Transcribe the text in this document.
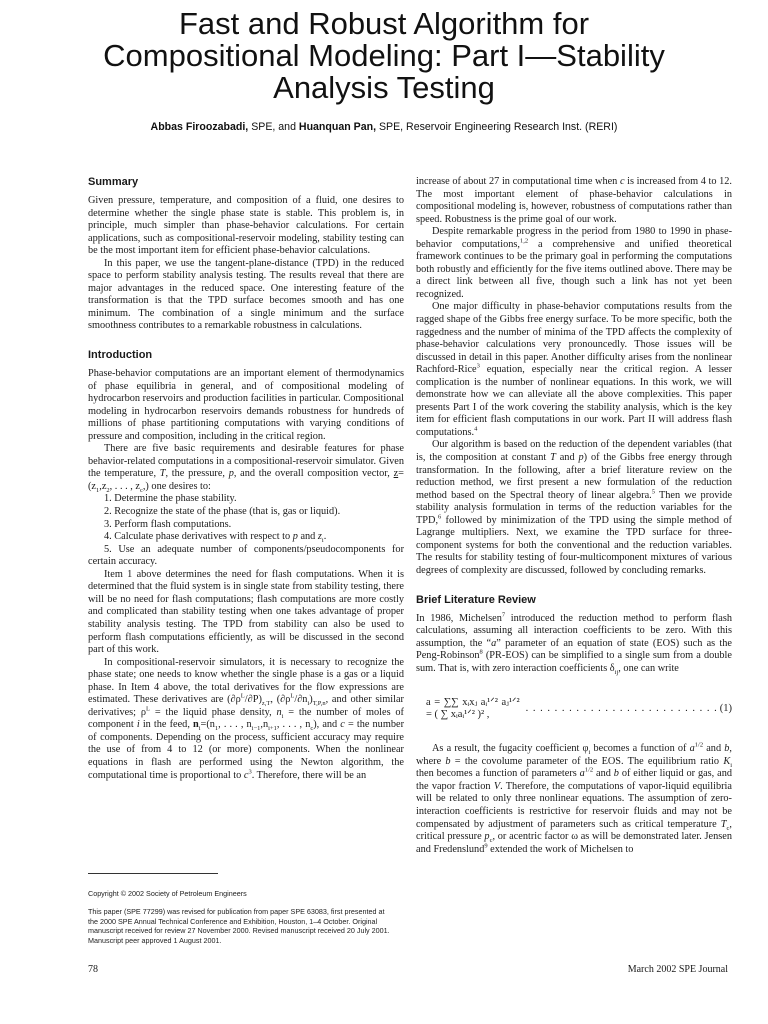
Fast and Robust Algorithm for
Compositional Modeling: Part I—Stability
Analysis Testing
Abbas Firoozabadi, SPE, and Huanquan Pan, SPE, Reservoir Engineering Research Inst. (RERI)
Summary

Given pressure, temperature, and composition of a fluid, one desires to determine whether the single phase state is stable. This problem is, in principle, much simpler than phase-behavior calculations. For certain applications, such as compositional-reservoir modeling, stability testing can be the most important item for efficient phase-behavior calculations.

In this paper, we use the tangent-plane-distance (TPD) in the reduced space to perform stability analysis testing. The results reveal that there are major advantages in the reduced space. One interesting feature of the transformation is that the TPD surface becomes smooth and has one minimum. The combination of a single minimum and the surface smoothness contributes to a remarkable robustness in calculations.

Introduction

Phase-behavior computations are an important element of thermodynamics of phase equilibria in general, and of compositional modeling of hydrocarbon reservoirs and production facilities in particular. Compositional modeling in hydrocarbon reservoirs demands robustness for hundreds of millions of phase partitioning computations with varying conditions of pressure and composition, including in the critical region.

There are five basic requirements and desirable features for phase behavior-related computations in a compositional-reservoir simulator. Given the temperature, T, the pressure, p, and the overall composition vector, $z=(z_1,z_2$, . . . , $z_c$,) one desires to:

1. Determine the phase stability.

2. Recognize the state of the phase (that is, gas or liquid).

3. Perform flash computations.

4. Calculate phase derivatives with respect to p and $z_i$.

5. Use an adequate number of components/pseudocomponents for certain accuracy.

Item 1 above determines the need for flash computations. When it is determined that the fluid system is in single state from stability testing, there will be no need for flash computations; flash computations are more costly and complicated than stability testing when one takes advantage of proper stability analysis testing. The TPD from stability can also be used to perform flash computations efficiently, as will be discussed in the second part of this work.

In compositional-reservoir simulators, it is necessary to recognize the phase state; one needs to know whether the single phase is a gas or a liquid phase. In Item 4 above, the total derivatives for the flow expressions are estimated. These derivatives are $(\partial\rho^L/\partial P)_{z,T}$, $(\partial\rho^L/\partial n_i)_{T,P,n}$, and other similar derivatives; $\rho^L$ = the liquid phase density, $n_i$ = the number of moles of component i in the feed, $n_i=(n_1$, . . . , $n_{i-1},n_{i+1}$, . . . , $n_c$), and c = the number of components. Depending on the process, sufficient accuracy may require the use of from 4 to 12 (or more) components. When the nonlinear equations in flash are performed using the Newton algorithm, the computational time is proportional to $c^3$. Therefore, there will be an

Copyright © 2002 Society of Petroleum Engineers
This paper (SPE 77299) was revised for publication from paper SPE 63083, first presented at the 2000 SPE Annual Technical Conference and Exhibition, Houston, 1–4 October. Original manuscript received for review 27 November 2000. Revised manuscript received 20 July 2001. Manuscript peer approved 1 August 2001.

increase of about 27 in computational time when c is increased from 4 to 12. The most important element of phase-behavior calculations in compositional modeling is, however, robustness of computations rather than speed. Robustness is the prime goal of our work.

Despite remarkable progress in the period from 1980 to 1990 in phase-behavior computations,$^{1,2}$ a comprehensive and unified theoretical framework continues to be the primary goal in performing the computations both robustly and efficiently for the five items outlined above. There may be a direct link between all five, though such a link has not yet been recognized.

One major difficulty in phase-behavior computations results from the ragged shape of the Gibbs free energy surface. To be more specific, both the raggedness and the number of minima of the TPD affects the complexity of phase-behavior calculations very pronouncedly. Those issues will be discussed in detail in this paper. Another difficulty arises from the nonlinear Rachford-Rice$^3$ equation, especially near the critical region. A lesser complication is the number of nonlinear equations. In this work, we will demonstrate how we can alleviate all the above complexities. This paper presents Part I of the work covering the stability analysis, which is the key item for efficient flash computations in our work. Part II will address flash computations.$^4$

Our algorithm is based on the reduction of the dependent variables (that is, the composition at constant T and p) of the Gibbs free energy through transformation. In the following, after a brief literature review on the reduction method, we first present a new formulation of the reduction method based on the Spectral theory of linear algebra.$^5$ Then we provide stability analysis formulation in terms of the reduction variables for the TPD,$^6$ followed by minimization of the TPD using the simple method of Lagrange multipliers. Next, we examine the TPD surface for three-component systems for both the conventional and the reduction variables. The results for stability testing of four-multicomponent mixtures of various degrees of complexity are discussed, followed by concluding remarks.

Brief Literature Review

In 1986, Michelsen$^7$ introduced the reduction method to perform flash calculations, assuming all interaction coefficients to be zero. With this assumption, the “a” parameter of an equation of state (EOS) such as the Peng-Robinson$^8$ (PR-EOS) can be simplified to a single sum from a double sum. That is, with zero interaction coefficients $\delta_{ij}$, one can write

a = ∑∑ xᵢxⱼ aᵢ¹ᐟ² aⱼ¹ᐟ² = ( ∑ xᵢaᵢ¹ᐟ² )² ,
. . . . . . . . . . . . . . . . . . . . . . . . . . . (1)

As a result, the fugacity coefficient $\varphi_i$ becomes a function of $a^{1/2}$ and b, where b = the covolume parameter of the EOS. The equilibrium ratio $K_i$ then becomes a function of parameters $a^{1/2}$ and b of either liquid or gas, and the vapor fraction V. Therefore, the computations of vapor-liquid equilibria will be related to only three nonlinear equations. The assumption of zero-interaction coefficients is restrictive for reservoir fluids and may not be compensated by adjustment of parameters such as critical temperature $T_c$, critical pressure $p_c$, or acentric factor ω as will be demonstrated later. Jensen and Fredenslund$^9$ extended the work of Michelsen to

78	March 2002 SPE Journal
